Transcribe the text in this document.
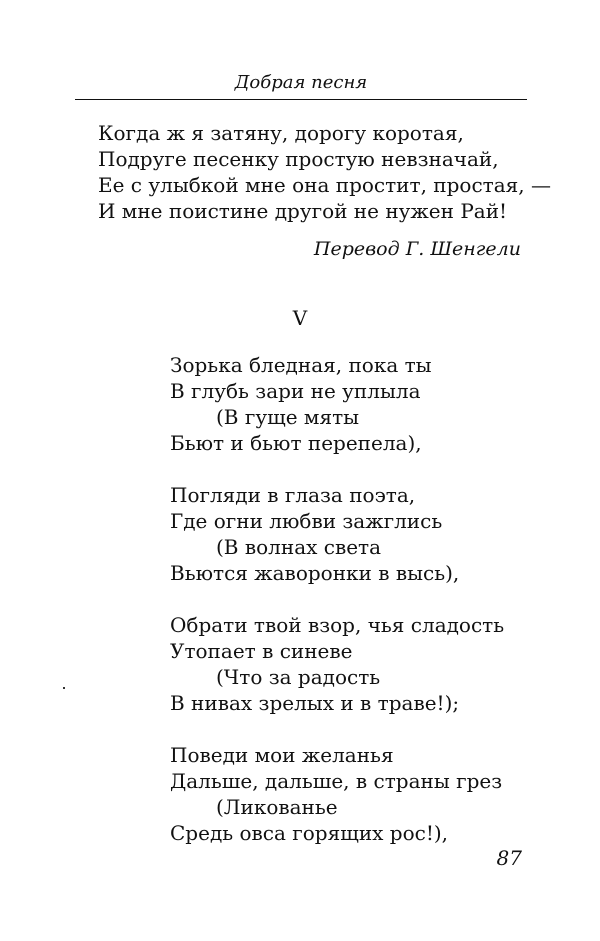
Добрая песня
Когда ж я затяну, дорогу коротая,
Подруге песенку простую невзначай,
Ее с улыбкой мне она простит, простая, —
И мне поистине другой не нужен Рай!
Перевод Г. Шенгели
V
Зорька бледная, пока ты
В глубь зари не уплыла
(В гуще мяты
Бьют и бьют перепела),
Погляди в глаза поэта,
Где огни любви зажглись
(В волнах света
Вьются жаворонки в высь),
Обрати твой взор, чья сладость
Утопает в синеве
(Что за радость
В нивах зрелых и в траве!);
Поведи мои желанья
Дальше, дальше, в страны грез
(Ликованье
Средь овса горящих рос!),
87
